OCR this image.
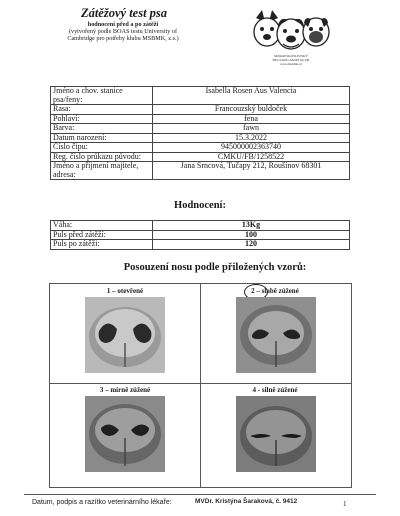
Zátěžový test psa
hodnocení před a po zátěži
(vytvořený podle BOAS testu University of
Cambridge pro potřeby klubu MSBMK, z.s.)
MORAVSKOSLEZSKÝ
BULLDOG-MOPS KLUB
www.msbmk.cz
Jméno a chov. stanice psa/feny:	Isabella Rosen Aus Valencia
Rasa:	Francouzský buldoček
Pohlaví:	fena
Barva:	fawn
Datum narození:	15.3.2022
Číslo čipu:	945000002363740
Reg. číslo průkazu původu:	CMKU/FB/1258522
Jméno a příjmení majitele, adresa:	Jana Srncová, Tučapy 212, Roušínov 68301
Hodnocení:
Váha:	13Kg
Puls před zátěží:	100
Puls po zátěži:	120
Posouzení nosu podle přiložených vzorů:
1 – otevřené	2 – slabě zúžené
3 – mírně zúžené	4 - silně zúžené
Datum, podpis a razítko veterinárního lékaře:	MVDr. Kristýna Šaraková, č. 9412	1
